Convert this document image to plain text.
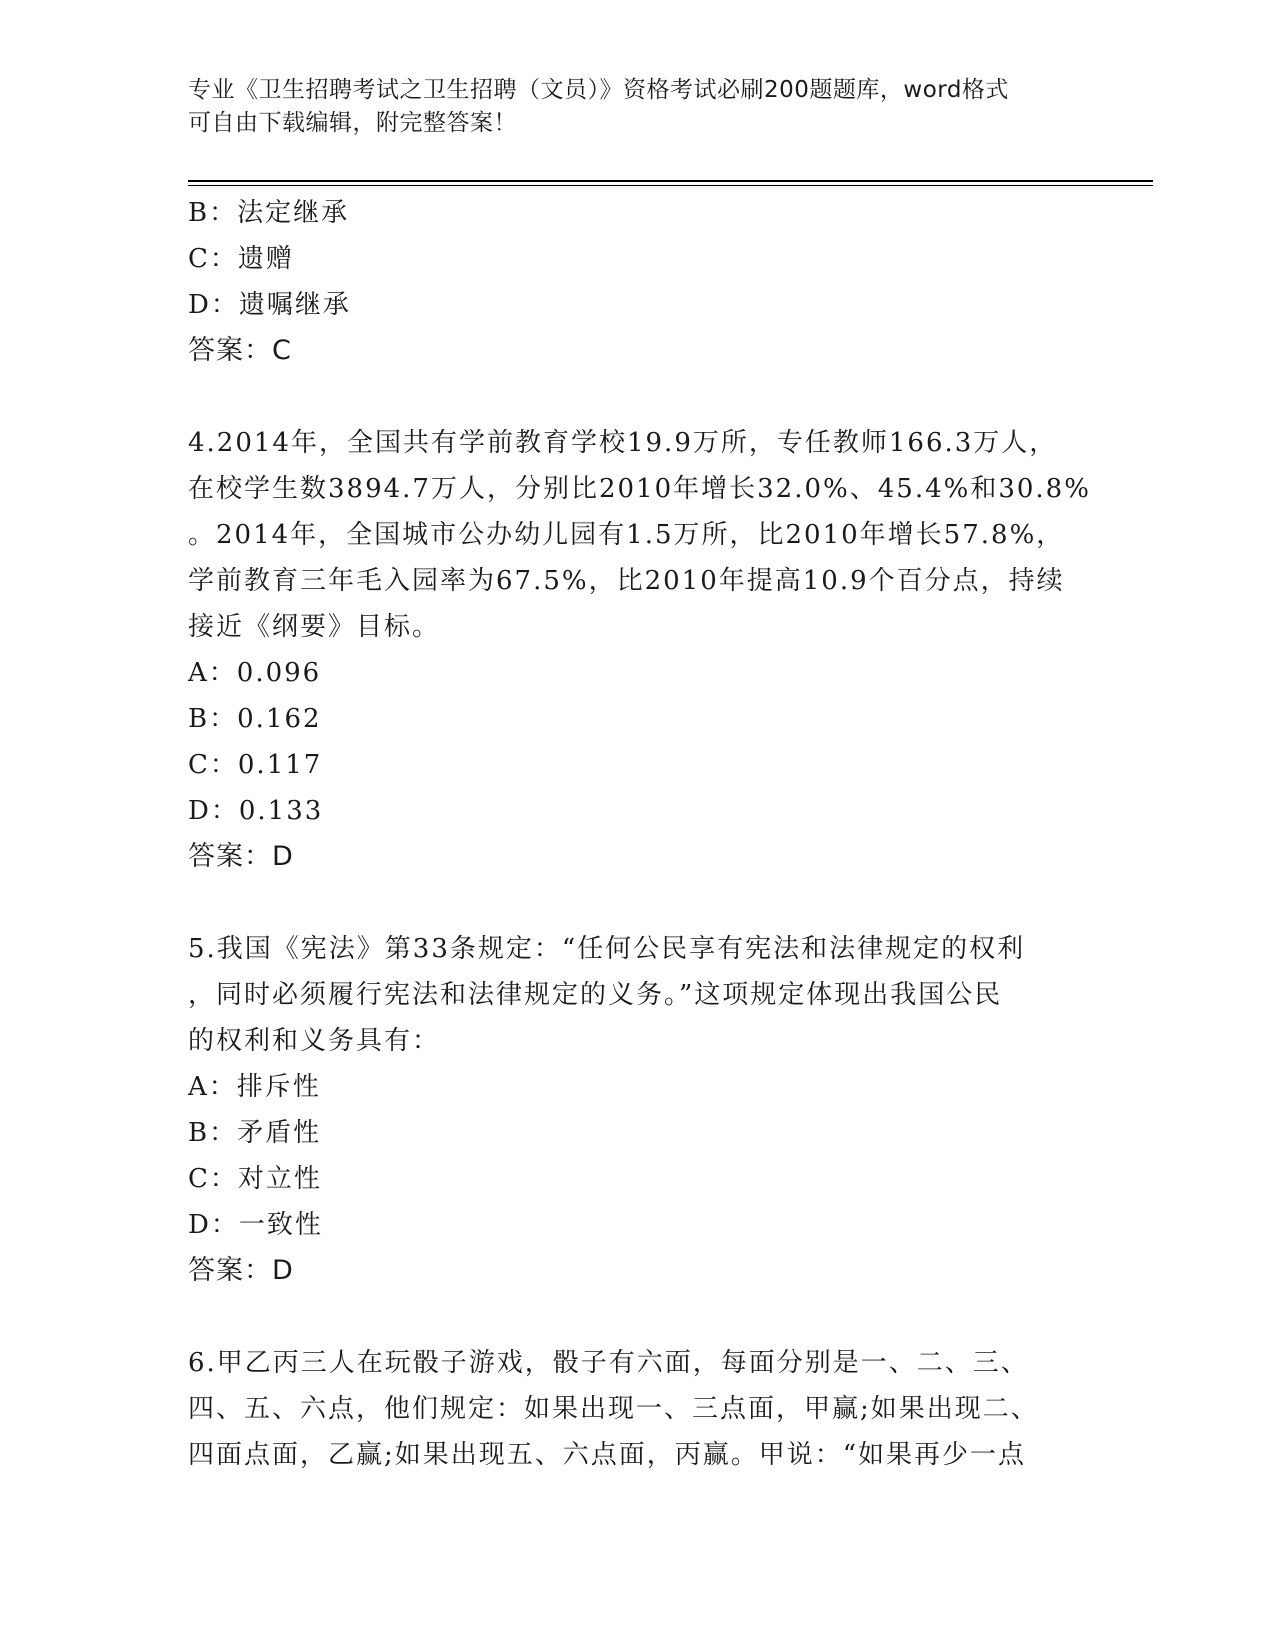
专业《卫生招聘考试之卫生招聘（文员）》资格考试必刷200题题库，word格式
可自由下载编辑，附完整答案！
B：法定继承
C：遗赠
D：遗嘱继承
答案：C
4.2014年，全国共有学前教育学校19.9万所，专任教师166.3万人，
在校学生数3894.7万人，分别比2010年增长32.0%、45.4%和30.8%
。2014年，全国城市公办幼儿园有1.5万所，比2010年增长57.8%，
学前教育三年毛入园率为67.5%，比2010年提高10.9个百分点，持续
接近《纲要》目标。
A：0.096
B：0.162
C：0.117
D：0.133
答案：D
5.我国《宪法》第33条规定：“任何公民享有宪法和法律规定的权利
，同时必须履行宪法和法律规定的义务。”这项规定体现出我国公民
的权利和义务具有：
A：排斥性
B：矛盾性
C：对立性
D：一致性
答案：D
6.甲乙丙三人在玩骰子游戏，骰子有六面，每面分别是一、二、三、
四、五、六点，他们规定：如果出现一、三点面，甲赢;如果出现二、
四面点面，乙赢;如果出现五、六点面，丙赢。甲说：“如果再少一点
